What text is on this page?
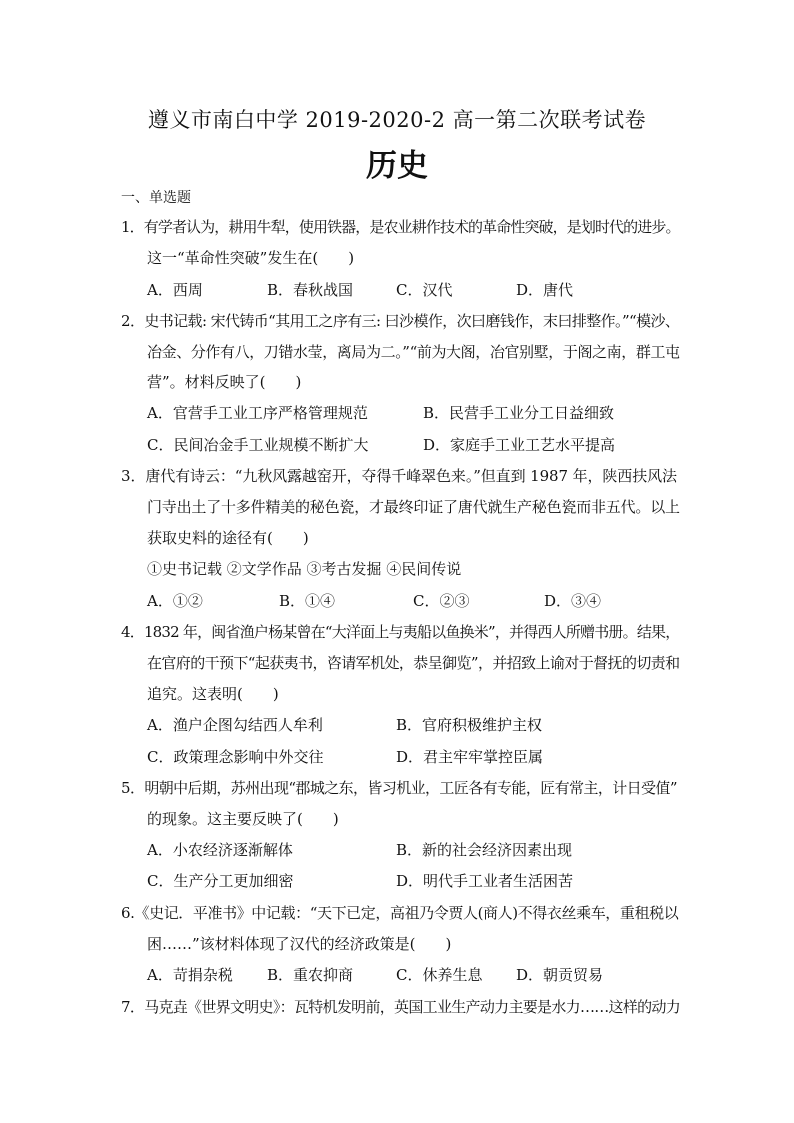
遵义市南白中学 2019-2020-2 高一第二次联考试卷
历史
一、单选题
1．有学者认为，耕用牛犁，使用铁器，是农业耕作技术的革命性突破，是划时代的进步。
这一“革命性突破”发生在(　　)
A．西周	B．春秋战国	C．汉代	D．唐代
2．史书记载: 宋代铸币“其用工之序有三: 曰沙模作，次曰磨钱作，末曰排整作。”“模沙、
冶金、分作有八，刀错水莹，离局为二。”“前为大阁，冶官别墅，于阁之南，群工屯
营”。材料反映了(　　)
A．官营手工业工序严格管理规范	B．民营手工业分工日益细致
C．民间冶金手工业规模不断扩大	D．家庭手工业工艺水平提高
3．唐代有诗云：“九秋风露越窑开，夺得千峰翠色来。”但直到 1987 年，陕西扶风法
门寺出土了十多件精美的秘色瓷，才最终印证了唐代就生产秘色瓷而非五代。以上
获取史料的途径有(　　)
①史书记载 ②文学作品 ③考古发掘 ④民间传说
A．①②	B．①④	C．②③	D．③④
4．1832 年，闽省渔户杨某曾在“大洋面上与夷船以鱼换米”，并得西人所赠书册。结果，
在官府的干预下“起获夷书，咨请军机处，恭呈御览”，并招致上谕对于督抚的切责和
追究。这表明(　　)
A．渔户企图勾结西人牟利	B．官府积极维护主权
C．政策理念影响中外交往	D．君主牢牢掌控臣属
5．明朝中后期，苏州出现“郡城之东，皆习机业，工匠各有专能，匠有常主，计日受值”
的现象。这主要反映了(　　)
A．小农经济逐渐解体	B．新的社会经济因素出现
C．生产分工更加细密	D．明代手工业者生活困苦
6.《史记．平准书》中记载：“天下已定，高祖乃令贾人(商人)不得衣丝乘车，重租税以
困……”该材料体现了汉代的经济政策是(　　)
A．苛捐杂税 B．重农抑商	C．休养生息 D．朝贡贸易
7．马克垚《世界文明史》：瓦特机发明前，英国工业生产动力主要是水力……这样的动力
